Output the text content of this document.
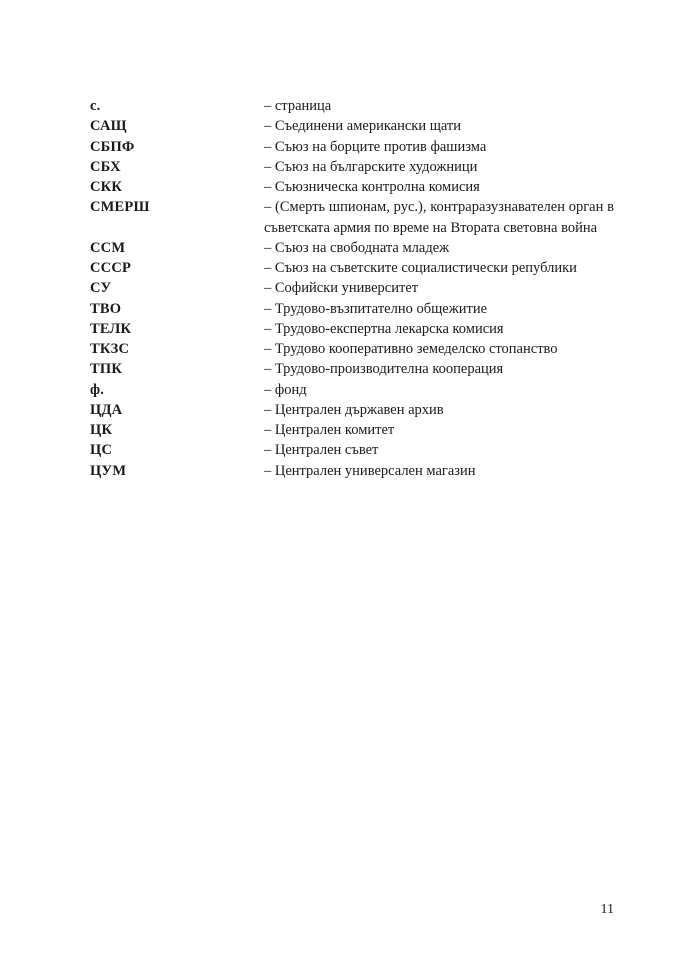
с.	– страница
САЩ	– Съединени американски щати
СБПФ	– Съюз на борците против фашизма
СБХ	– Съюз на българските художници
СКК	– Съюзническа контролна комисия
СМЕРШ	– (Смерть шпионам, рус.), контраразузнавателен орган в съветската армия по време на Втората световна война
ССМ	– Съюз на свободната младеж
СССР	– Съюз на съветските социалистически републики
СУ	– Софийски университет
ТВО	– Трудово-възпитателно общежитие
ТЕЛК	– Трудово-експертна лекарска комисия
ТКЗС	– Трудово кооперативно земеделско стопанство
ТПК	– Трудово-производителна кооперация
ф.	– фонд
ЦДА	– Централен държавен архив
ЦК	– Централен комитет
ЦС	– Централен съвет
ЦУМ	– Централен универсален магазин
11
